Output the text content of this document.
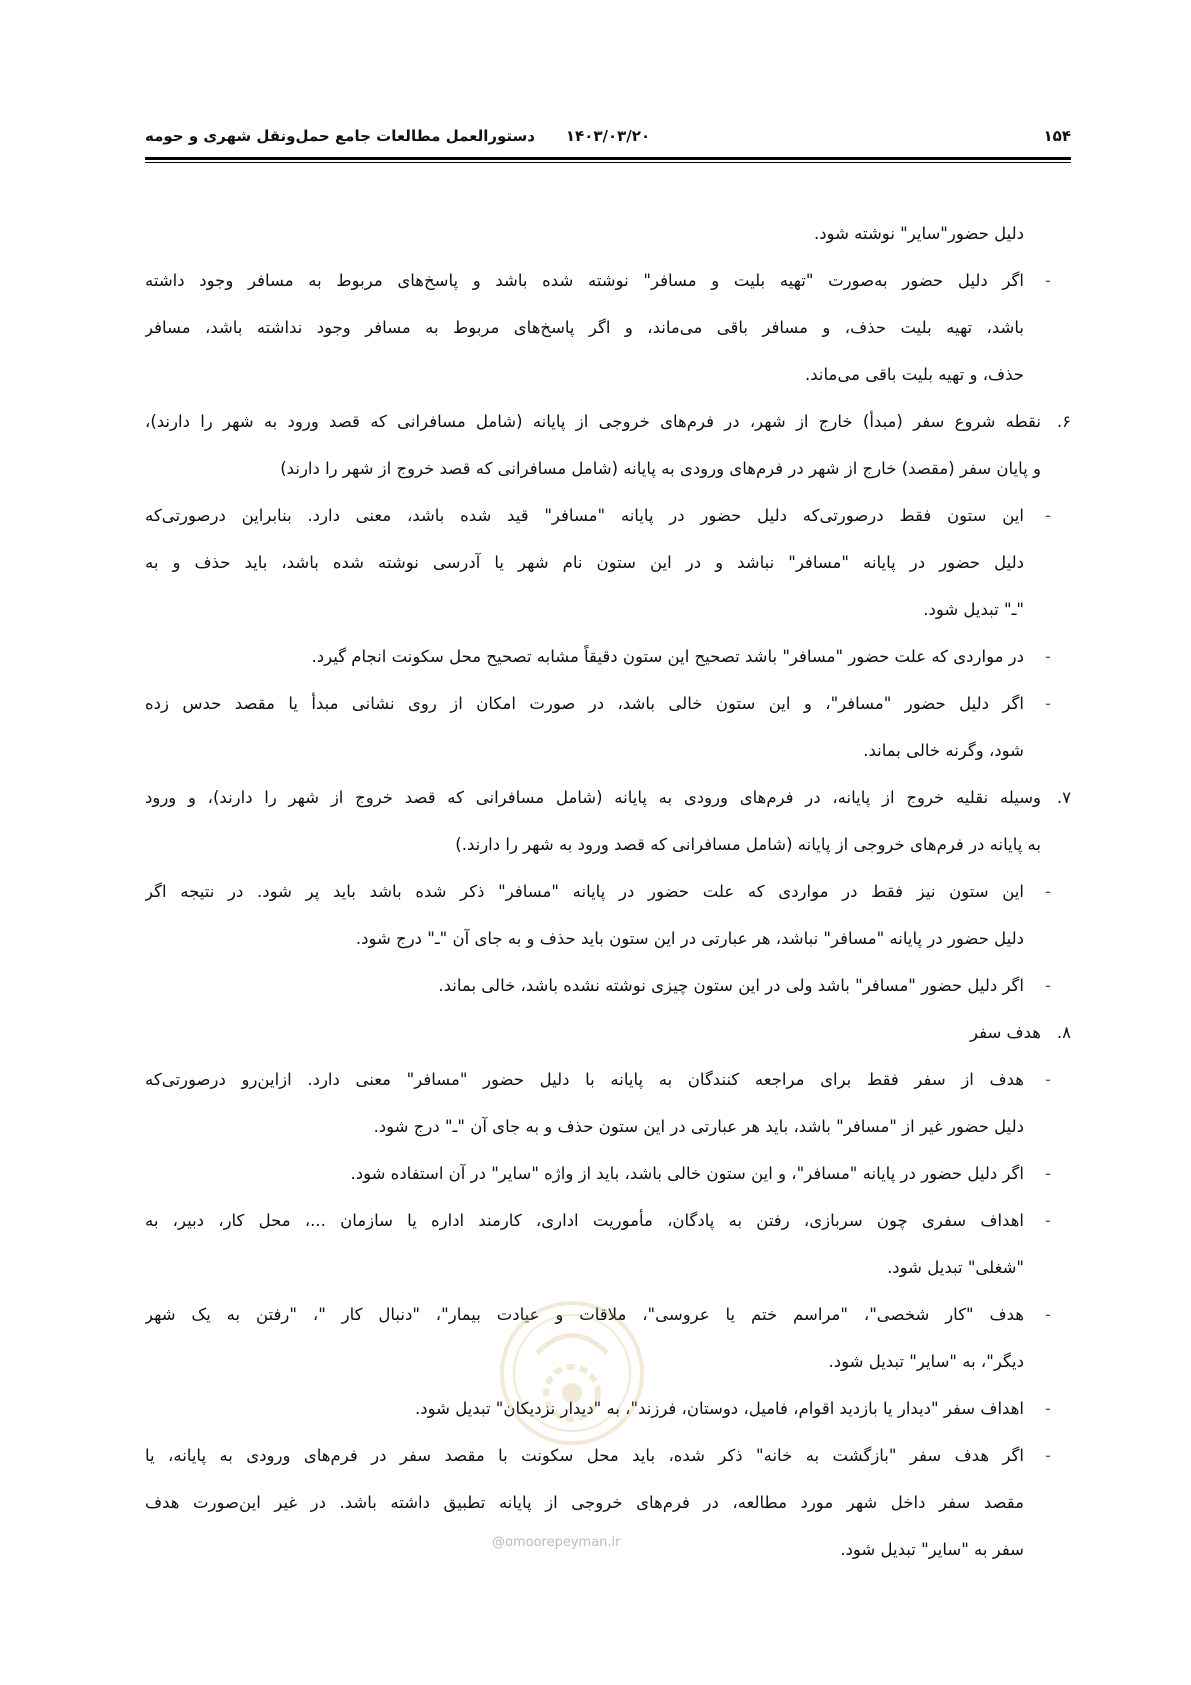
۱۵۴
۱۴۰۳/۰۳/۲۰
دستورالعمل مطالعات جامع حمل‌ونقل شهری و حومه
دلیل حضور"سایر" نوشته شود.
-
اگر دلیل حضور به‌صورت "تهیه بلیت و مسافر" نوشته شده باشد و پاسخ‌های مربوط به مسافر وجود داشته
باشد، تهیه بلیت حذف، و مسافر باقی می‌ماند، و اگر پاسخ‌های مربوط به مسافر وجود نداشته باشد، مسافر
حذف، و تهیه بلیت باقی می‌ماند.
۶.
نقطه شروع سفر (مبدأ) خارج از شهر، در فرم‌های خروجی از پایانه (شامل مسافرانی که قصد ورود به شهر را دارند)،
و پایان سفر (مقصد) خارج از شهر در فرم‌های ورودی به پایانه (شامل مسافرانی که قصد خروج از شهر را دارند)
-
این ستون فقط درصورتی‌که دلیل حضور در پایانه "مسافر" قید شده باشد، معنی دارد. بنابراین درصورتی‌که
دلیل حضور در پایانه "مسافر" نباشد و در این ستون نام شهر یا آدرسی نوشته شده باشد، باید حذف و به
"ـ" تبدیل شود.
-
در مواردی که علت حضور "مسافر" باشد تصحیح این ستون دقیقاً مشابه تصحیح محل سکونت انجام گیرد.
-
اگر دلیل حضور "مسافر"، و این ستون خالی باشد، در صورت امکان از روی نشانی مبدأ یا مقصد حدس زده
شود، وگرنه خالی بماند.
۷.
وسیله نقلیه خروج از پایانه، در فرم‌های ورودی به پایانه (شامل مسافرانی که قصد خروج از شهر را دارند)، و ورود
به پایانه در فرم‌های خروجی از پایانه (شامل مسافرانی که قصد ورود به شهر را دارند.)
-
این ستون نیز فقط در مواردی که علت حضور در پایانه "مسافر" ذکر شده باشد باید پر شود. در نتیجه اگر
دلیل حضور در پایانه "مسافر" نباشد، هر عبارتی در این ستون باید حذف و به جای آن "ـ" درج شود.
-
اگر دلیل حضور "مسافر" باشد ولی در این ستون چیزی نوشته نشده باشد، خالی بماند.
۸.
هدف سفر
-
هدف از سفر فقط برای مراجعه کنندگان به پایانه با دلیل حضور "مسافر" معنی دارد. ازاین‌رو درصورتی‌که
دلیل حضور غیر از "مسافر" باشد، باید هر عبارتی در این ستون حذف و به جای آن "ـ" درج شود.
-
اگر دلیل حضور در پایانه "مسافر"، و این ستون خالی باشد، باید از واژه "سایر" در آن استفاده شود.
-
اهداف سفری چون سربازی، رفتن به پادگان، مأموریت اداری، کارمند اداره یا سازمان ...، محل کار، دبیر، به
"شغلی" تبدیل شود.
-
هدف "کار شخصی"، "مراسم ختم یا عروسی"، ملاقات و عیادت بیمار"، "دنبال کار "، "رفتن به یک شهر
دیگر"، به "سایر" تبدیل شود.
-
اهداف سفر "دیدار یا بازدید اقوام، فامیل، دوستان، فرزند"، به "دیدار نزدیکان" تبدیل شود.
-
اگر هدف سفر "بازگشت به خانه" ذکر شده، باید محل سکونت با مقصد سفر در فرم‌های ورودی به پایانه، یا
مقصد سفر داخل شهر مورد مطالعه، در فرم‌های خروجی از پایانه تطبیق داشته باشد. در غیر این‌صورت هدف
سفر به "سایر" تبدیل شود.
@omoorepeyman.ir
